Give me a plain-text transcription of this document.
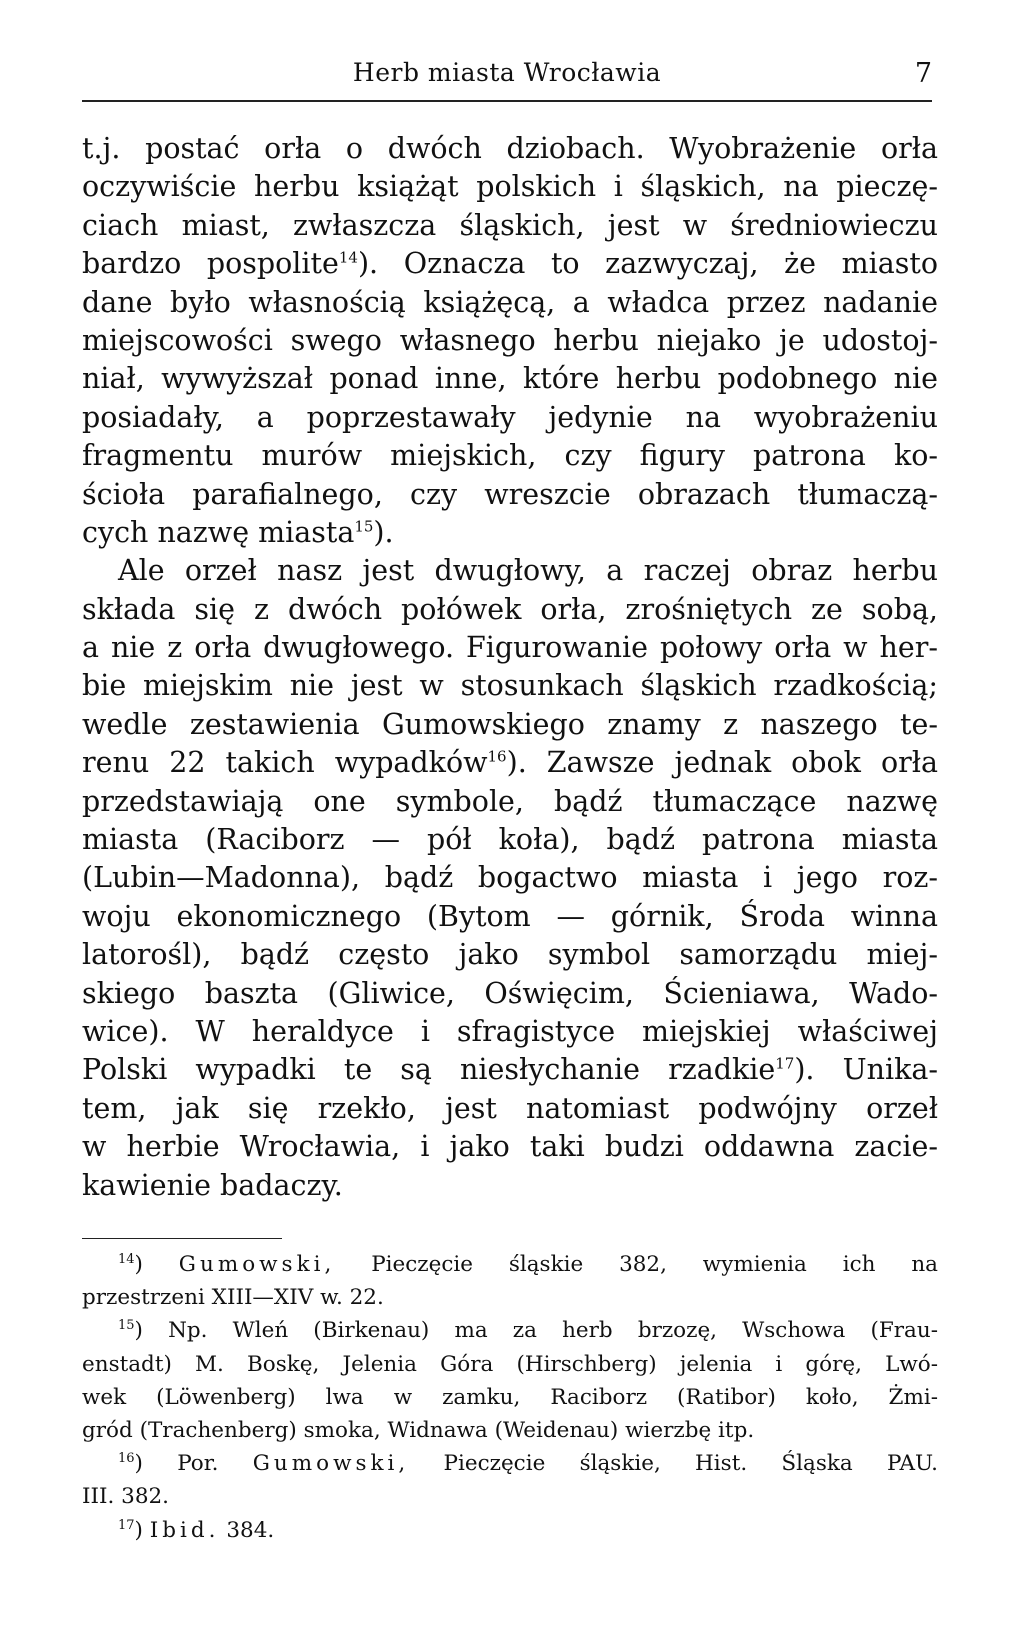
Herb miasta Wrocławia	7
t.j. postać orła o dwóch dziobach. Wyobrażenie orła
oczywiście herbu książąt polskich i śląskich, na pieczę-
ciach miast, zwłaszcza śląskich, jest w średniowieczu
bardzo pospolite$^{14}$). Oznacza to zazwyczaj, że miasto
dane było własnością książęcą, a władca przez nadanie
miejscowości swego własnego herbu niejako je udostoj-
niał, wywyższał ponad inne, które herbu podobnego nie
posiadały, a poprzestawały jedynie na wyobrażeniu
fragmentu murów miejskich, czy figury patrona ko-
ścioła parafialnego, czy wreszcie obrazach tłumaczą-
cych nazwę miasta$^{15}$).
Ale orzeł nasz jest dwugłowy, a raczej obraz herbu
składa się z dwóch połówek orła, zrośniętych ze sobą,
a nie z orła dwugłowego. Figurowanie połowy orła w her-
bie miejskim nie jest w stosunkach śląskich rzadkością;
wedle zestawienia Gumowskiego znamy z naszego te-
renu 22 takich wypadków$^{16}$). Zawsze jednak obok orła
przedstawiają one symbole, bądź tłumaczące nazwę
miasta (Raciborz — pół koła), bądź patrona miasta
(Lubin—Madonna), bądź bogactwo miasta i jego roz-
woju ekonomicznego (Bytom — górnik, Środa winna
latorośl), bądź często jako symbol samorządu miej-
skiego baszta (Gliwice, Oświęcim, Ścieniawa, Wado-
wice). W heraldyce i sfragistyce miejskiej właściwej
Polski wypadki te są niesłychanie rzadkie$^{17}$). Unika-
tem, jak się rzekło, jest natomiast podwójny orzeł
w herbie Wrocławia, i jako taki budzi oddawna zacie-
kawienie badaczy.
$^{14}$) Gumowski, Pieczęcie śląskie 382, wymienia ich na
przestrzeni XIII—XIV w. 22.
$^{15}$) Np. Wleń (Birkenau) ma za herb brzozę, Wschowa (Frau-
enstadt) M. Boskę, Jelenia Góra (Hirschberg) jelenia i górę, Lwó-
wek (Löwenberg) lwa w zamku, Raciborz (Ratibor) koło, Żmi-
gród (Trachenberg) smoka, Widnawa (Weidenau) wierzbę itp.
$^{16}$) Por. Gumowski, Pieczęcie śląskie, Hist. Śląska PAU.
III. 382.
$^{17}$) Ibid. 384.
